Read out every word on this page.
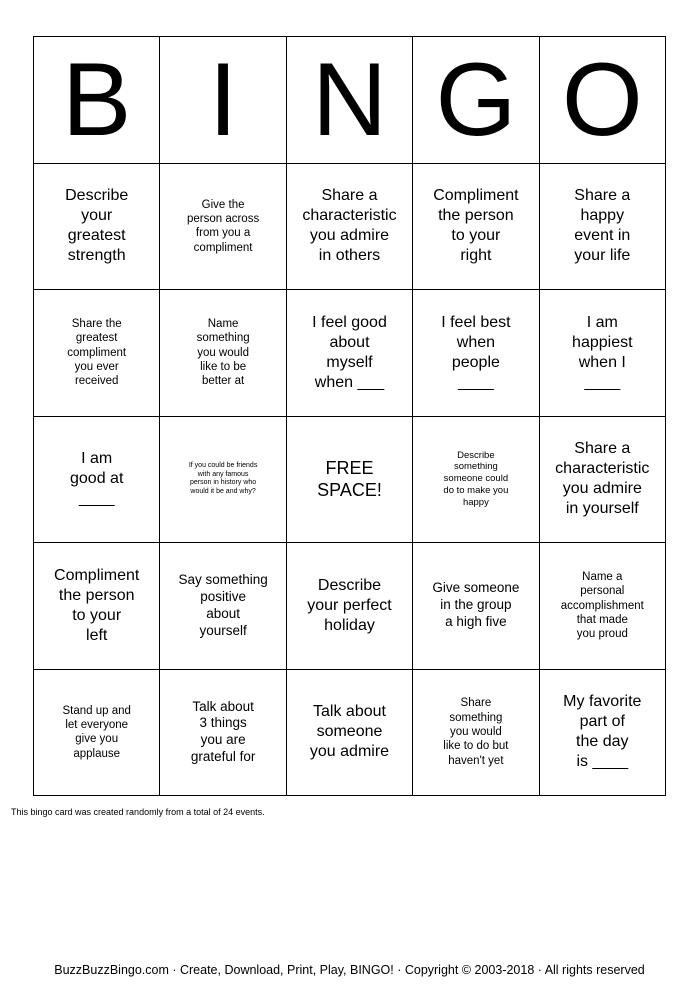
B I N G O
Describe
your
greatest
strength
Give the
person across
from you a
compliment
Share a
characteristic
you admire
in others
Compliment
the person
to your
right
Share a
happy
event in
your life
Share the
greatest
compliment
you ever
received
Name
something
you would
like to be
better at
I feel good
about
myself
when ___
I feel best
when
people
____
I am
happiest
when I
____
I am
good at
____
If you could be friends
with any famous
person in history who
would it be and why?
FREE
SPACE!
Describe
something
someone could
do to make you
happy
Share a
characteristic
you admire
in yourself
Compliment
the person
to your
left
Say something
positive
about
yourself
Describe
your perfect
holiday
Give someone
in the group
a high five
Name a
personal
accomplishment
that made
you proud
Stand up and
let everyone
give you
applause
Talk about
3 things
you are
grateful for
Talk about
someone
you admire
Share
something
you would
like to do but
haven't yet
My favorite
part of
the day
is ____
This bingo card was created randomly from a total of 24 events.
BuzzBuzzBingo.com · Create, Download, Print, Play, BINGO! · Copyright © 2003-2018 · All rights reserved
